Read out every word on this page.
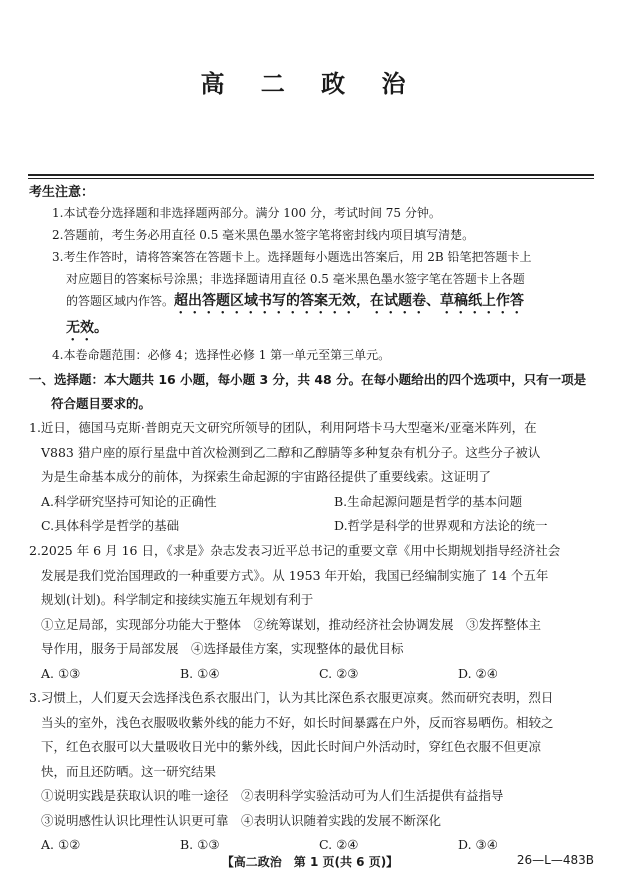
高 二 政 治
考生注意：
1.本试卷分选择题和非选择题两部分。满分 100 分，考试时间 75 分钟。
2.答题前，考生务必用直径 0.5 毫米黑色墨水签字笔将密封线内项目填写清楚。
3.考生作答时，请将答案答在答题卡上。选择题每小题选出答案后，用 2B 铅笔把答题卡上
对应题目的答案标号涂黑；非选择题请用直径 0.5 毫米黑色墨水签字笔在答题卡上各题
的答题区域内作答。超出答题区域书写的答案无效，在试题卷、草稿纸上作答
无效。
4.本卷命题范围：必修 4；选择性必修 1 第一单元至第三单元。
一、选择题：本大题共 16 小题，每小题 3 分，共 48 分。在每小题给出的四个选项中，只有一项是
符合题目要求的。
1.近日，德国马克斯·普朗克天文研究所领导的团队，利用阿塔卡马大型毫米/亚毫米阵列，在
V883 猎户座的原行星盘中首次检测到乙二醇和乙醇腈等多种复杂有机分子。这些分子被认
为是生命基本成分的前体，为探索生命起源的宇宙路径提供了重要线索。这证明了
A.科学研究坚持可知论的正确性	B.生命起源问题是哲学的基本问题
C.具体科学是哲学的基础	D.哲学是科学的世界观和方法论的统一
2.2025 年 6 月 16 日，《求是》杂志发表习近平总书记的重要文章《用中长期规划指导经济社会
发展是我们党治国理政的一种重要方式》。从 1953 年开始，我国已经编制实施了 14 个五年
规划(计划)。科学制定和接续实施五年规划有利于
①立足局部，实现部分功能大于整体　②统筹谋划，推动经济社会协调发展　③发挥整体主
导作用，服务于局部发展　④选择最佳方案，实现整体的最优目标
A. ①③	B. ①④	C. ②③	D. ②④
3.习惯上，人们夏天会选择浅色系衣服出门，认为其比深色系衣服更凉爽。然而研究表明，烈日
当头的室外，浅色衣服吸收紫外线的能力不好，如长时间暴露在户外，反而容易晒伤。相较之
下，红色衣服可以大量吸收日光中的紫外线，因此长时间户外活动时，穿红色衣服不但更凉
快，而且还防晒。这一研究结果
①说明实践是获取认识的唯一途径　②表明科学实验活动可为人们生活提供有益指导
③说明感性认识比理性认识更可靠　④表明认识随着实践的发展不断深化
A. ①②	B. ①③	C. ②④	D. ③④
【高二政治　第 1 页(共 6 页)】	26—L—483B
